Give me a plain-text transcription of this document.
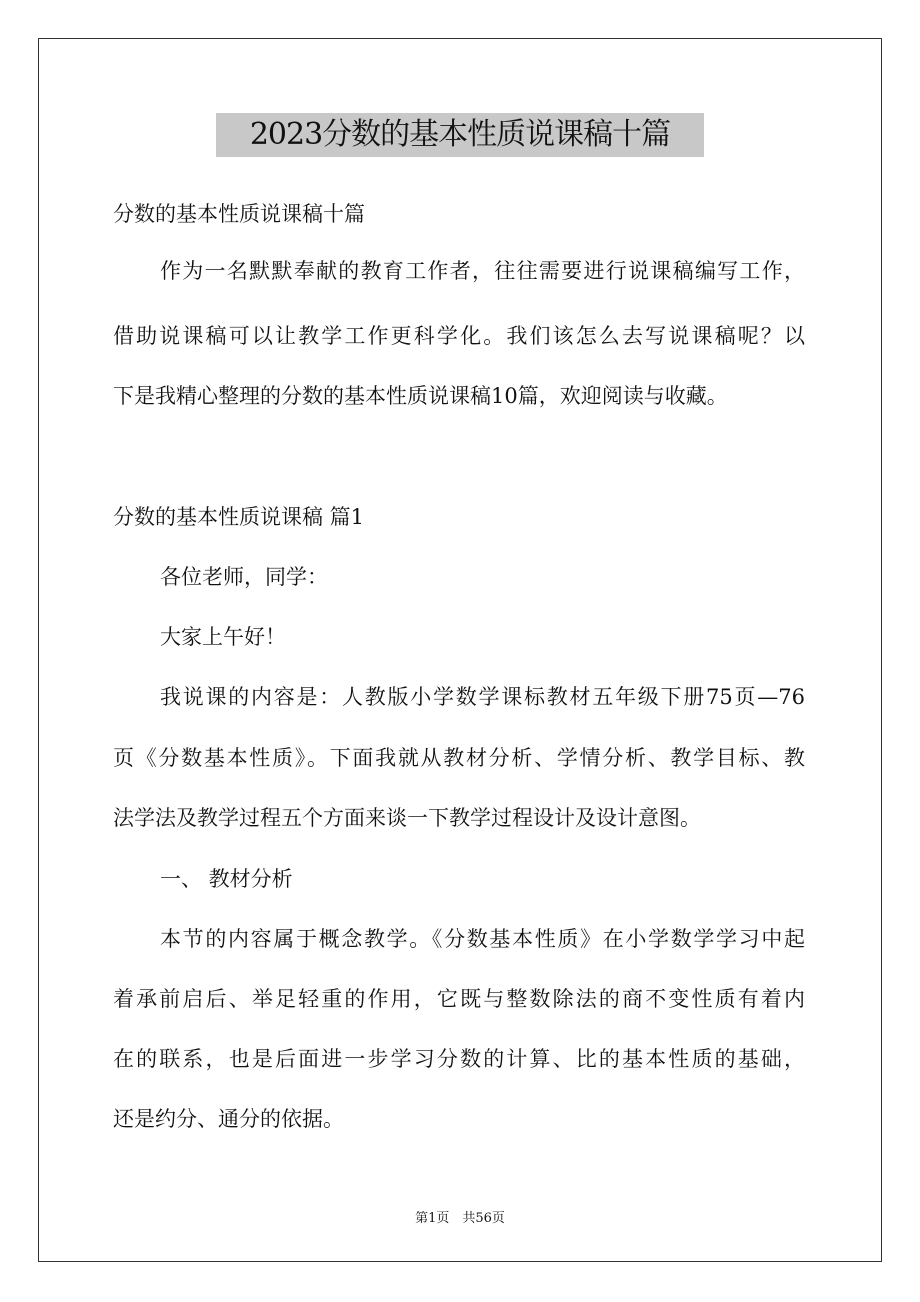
2023分数的基本性质说课稿十篇
分数的基本性质说课稿十篇
作为一名默默奉献的教育工作者，往往需要进行说课稿编写工作，
借助说课稿可以让教学工作更科学化。我们该怎么去写说课稿呢？以
下是我精心整理的分数的基本性质说课稿10篇，欢迎阅读与收藏。
分数的基本性质说课稿 篇1
各位老师，同学：
大家上午好！
我说课的内容是：人教版小学数学课标教材五年级下册75页—76
页《分数基本性质》。下面我就从教材分析、学情分析、教学目标、教
法学法及教学过程五个方面来谈一下教学过程设计及设计意图。
一、 教材分析
本节的内容属于概念教学。《分数基本性质》在小学数学学习中起
着承前启后、举足轻重的作用，它既与整数除法的商不变性质有着内
在的联系，也是后面进一步学习分数的计算、比的基本性质的基础，
还是约分、通分的依据。
第1页　共56页
